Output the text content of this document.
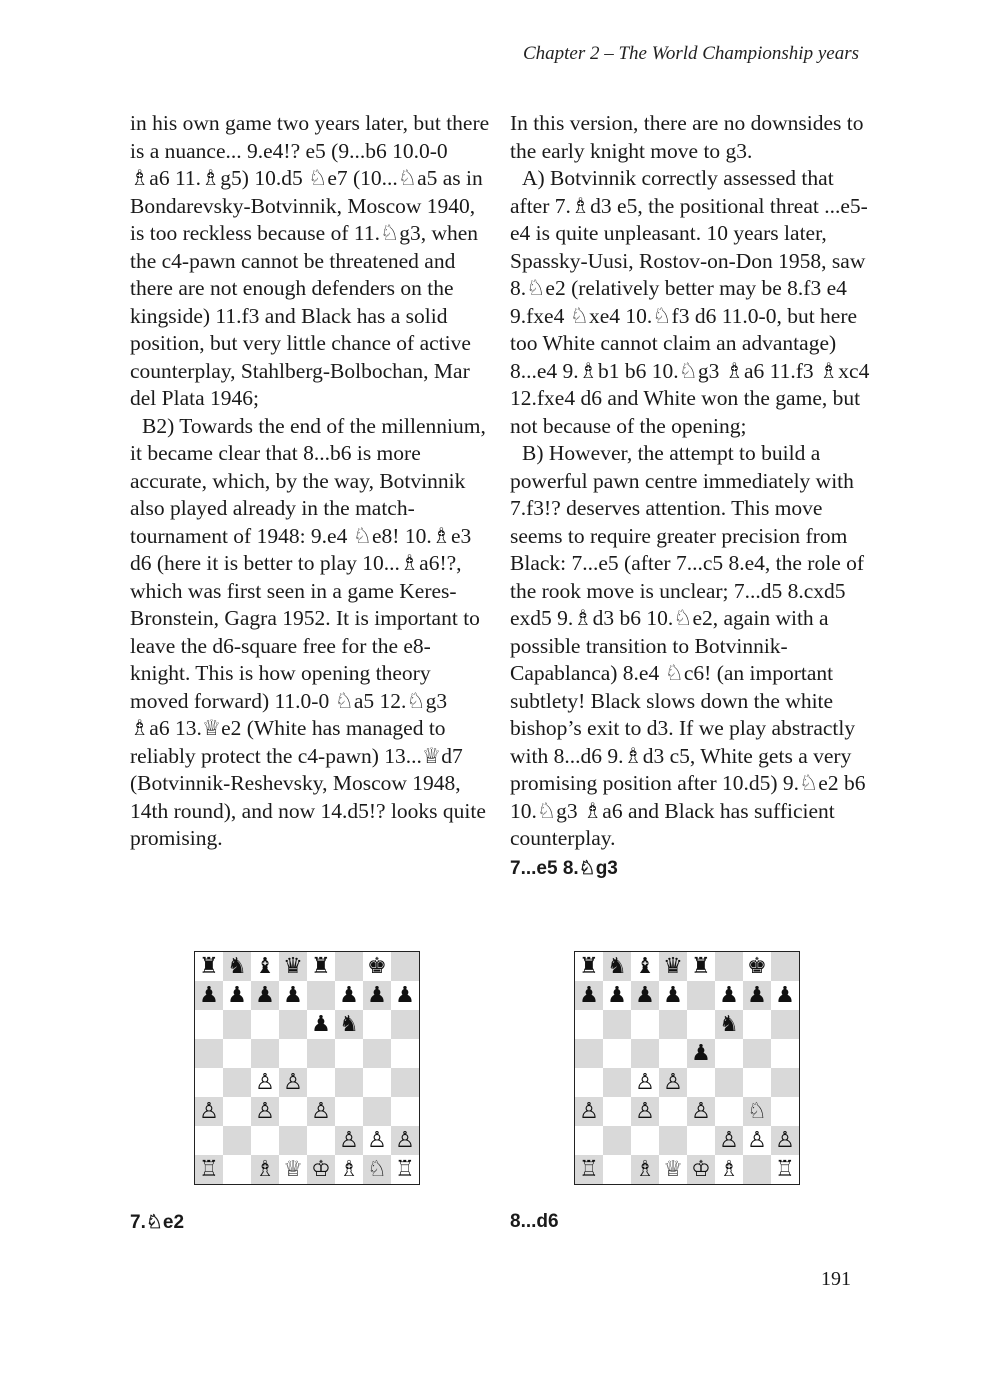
Chapter 2 – The World Championship years

in his own game two years later, but there is a nuance... 9.e4!? e5 (9...b6 10.0-0 ♗a6 11.♗g5) 10.d5 ♘e7 (10...♘a5 as in Bondarevsky-Botvinnik, Moscow 1940, is too reckless because of 11.♘g3, when the c4-pawn cannot be threatened and there are not enough defenders on the kingside) 11.f3 and Black has a solid position, but very little chance of active counterplay, Stahlberg-Bolbochan, Mar del Plata 1946;

B2) Towards the end of the millennium, it became clear that 8...b6 is more accurate, which, by the way, Botvinnik also played already in the match-tournament of 1948: 9.e4 ♘e8! 10.♗e3 d6 (here it is better to play 10...♗a6!?, which was first seen in a game Keres-Bronstein, Gagra 1952. It is important to leave the d6-square free for the e8-knight. This is how opening theory moved forward) 11.0-0 ♘a5 12.♘g3 ♗a6 13.♕e2 (White has managed to reliably protect the c4-pawn) 13...♕d7 (Botvinnik-Reshevsky, Moscow 1948, 14th round), and now 14.d5!? looks quite promising.

In this version, there are no downsides to the early knight move to g3.

A) Botvinnik correctly assessed that after 7.♗d3 e5, the positional threat ...e5-e4 is quite unpleasant. 10 years later, Spassky-Uusi, Rostov-on-Don 1958, saw 8.♘e2 (relatively better may be 8.f3 e4 9.fxe4 ♘xe4 10.♘f3 d6 11.0-0, but here too White cannot claim an advantage) 8...e4 9.♗b1 b6 10.♘g3 ♗a6 11.f3 ♗xc4 12.fxe4 d6 and White won the game, but not because of the opening;

B) However, the attempt to build a powerful pawn centre immediately with 7.f3!? deserves attention. This move seems to require greater precision from Black: 7...e5 (after 7...c5 8.e4, the role of the rook move is unclear; 7...d5 8.cxd5 exd5 9.♗d3 b6 10.♘e2, again with a possible transition to Botvinnik-Capablanca) 8.e4 ♘c6! (an important subtlety! Black slows down the white bishop’s exit to d3. If we play abstractly with 8...d6 9.♗d3 c5, White gets a very promising position after 10.d5) 9.♘e2 b6 10.♘g3 ♗a6 and Black has sufficient counterplay.

7...e5 8.♘g3

♜ ♞ ♝ ♛ ♜ ♚
♟ ♟ ♟ ♟ ♟ ♟ ♟
♟ ♞
♙ ♙
♙ ♙ ♙
♙ ♙ ♙
♖ ♗ ♕ ♔ ♗ ♘ ♖
♜ ♞ ♝ ♛ ♜ ♚
♟ ♟ ♟ ♟ ♟ ♟ ♟
♞
♟
♙ ♙
♙ ♙ ♙ ♘
♙ ♙ ♙
♖ ♗ ♕ ♔ ♗ ♖
7.♘e2	8...d6
191
